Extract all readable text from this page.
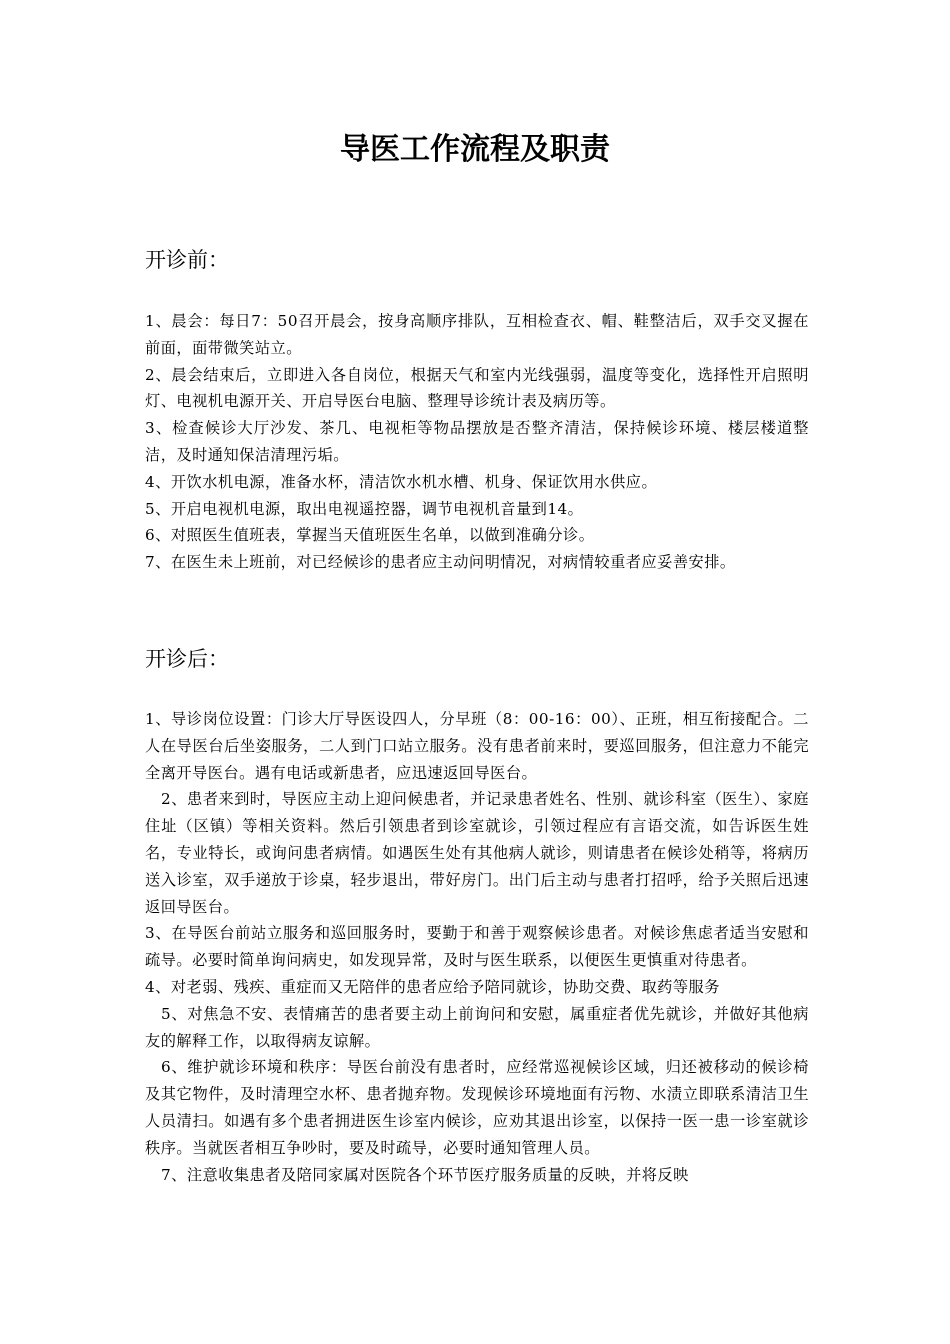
导医工作流程及职责
开诊前：

1、晨会：每日7：50召开晨会，按身高顺序排队，互相检查衣、帽、鞋整洁后，双手交叉握在前面，面带微笑站立。

2、晨会结束后，立即进入各自岗位，根据天气和室内光线强弱，温度等变化，选择性开启照明灯、电视机电源开关、开启导医台电脑、整理导诊统计表及病历等。

3、检查候诊大厅沙发、茶几、电视柜等物品摆放是否整齐清洁，保持候诊环境、楼层楼道整洁，及时通知保洁清理污垢。

4、开饮水机电源，准备水杯，清洁饮水机水槽、机身、保证饮用水供应。

5、开启电视机电源，取出电视遥控器，调节电视机音量到14。

6、对照医生值班表，掌握当天值班医生名单，以做到准确分诊。

7、在医生未上班前，对已经候诊的患者应主动问明情况，对病情较重者应妥善安排。

开诊后：

1、导诊岗位设置：门诊大厅导医设四人，分早班（8：00-16：00）、正班，相互衔接配合。二人在导医台后坐姿服务，二人到门口站立服务。没有患者前来时，要巡回服务，但注意力不能完全离开导医台。遇有电话或新患者，应迅速返回导医台。

2、患者来到时，导医应主动上迎问候患者，并记录患者姓名、性别、就诊科室（医生）、家庭住址（区镇）等相关资料。然后引领患者到诊室就诊，引领过程应有言语交流，如告诉医生姓名，专业特长，或询问患者病情。如遇医生处有其他病人就诊，则请患者在候诊处稍等，将病历送入诊室，双手递放于诊桌，轻步退出，带好房门。出门后主动与患者打招呼，给予关照后迅速返回导医台。

3、在导医台前站立服务和巡回服务时，要勤于和善于观察候诊患者。对候诊焦虑者适当安慰和疏导。必要时简单询问病史，如发现异常，及时与医生联系，以便医生更慎重对待患者。

4、对老弱、残疾、重症而又无陪伴的患者应给予陪同就诊，协助交费、取药等服务

5、对焦急不安、表情痛苦的患者要主动上前询问和安慰，属重症者优先就诊，并做好其他病友的解释工作，以取得病友谅解。

6、维护就诊环境和秩序：导医台前没有患者时，应经常巡视候诊区域，归还被移动的候诊椅及其它物件，及时清理空水杯、患者抛弃物。发现候诊环境地面有污物、水渍立即联系清洁卫生人员清扫。如遇有多个患者拥进医生诊室内候诊，应劝其退出诊室，以保持一医一患一诊室就诊秩序。当就医者相互争吵时，要及时疏导，必要时通知管理人员。

7、注意收集患者及陪同家属对医院各个环节医疗服务质量的反映，并将反映
